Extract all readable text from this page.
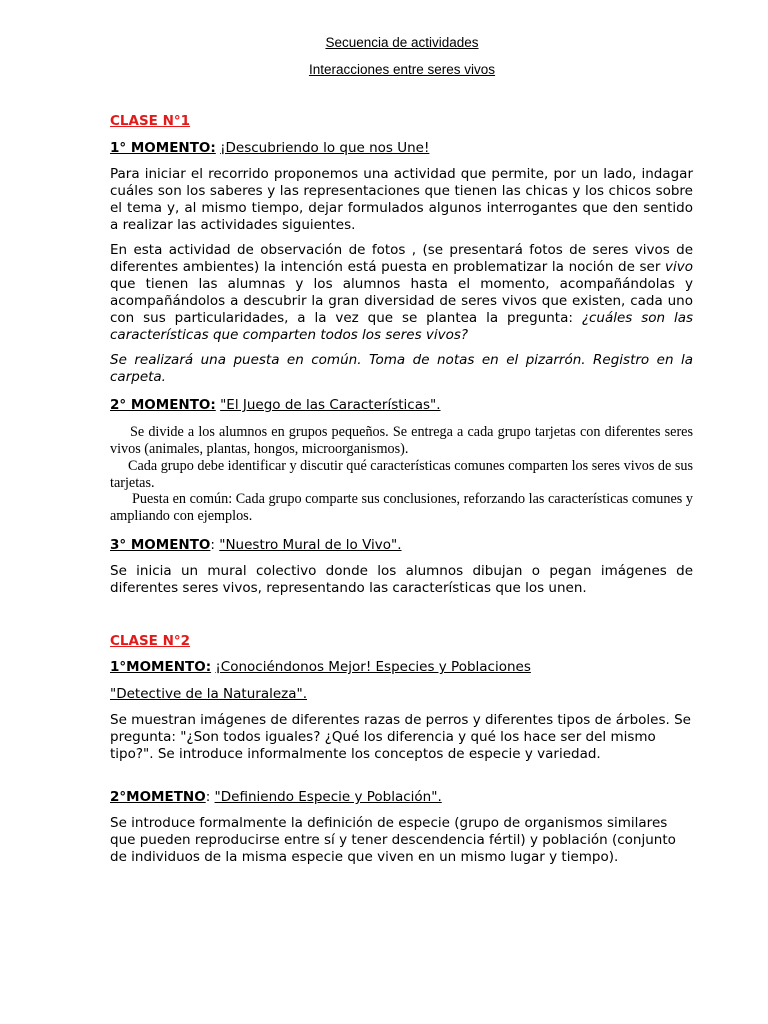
Secuencia de actividades
Interacciones entre seres vivos
CLASE N°1
1° MOMENTO: ¡Descubriendo lo que nos Une!
Para iniciar el recorrido proponemos una actividad que permite, por un lado, indagar cuáles son los saberes y las representaciones que tienen las chicas y los chicos sobre el tema y, al mismo tiempo, dejar formulados algunos interrogantes que den sentido a realizar las actividades siguientes.
En esta actividad de observación de fotos , (se presentará fotos de seres vivos de diferentes ambientes) la intención está puesta en problematizar la noción de ser vivo que tienen las alumnas y los alumnos hasta el momento, acompañándolas y acompañándolos a descubrir la gran diversidad de seres vivos que existen, cada uno con sus particularidades, a la vez que se plantea la pregunta: ¿cuáles son las características que comparten todos los seres vivos?
Se realizará una puesta en común. Toma de notas en el pizarrón. Registro en la carpeta.
2° MOMENTO: "El Juego de las Características".
Se divide a los alumnos en grupos pequeños. Se entrega a cada grupo tarjetas con diferentes seres vivos (animales, plantas, hongos, microorganismos).
Cada grupo debe identificar y discutir qué características comunes comparten los seres vivos de sus tarjetas.
Puesta en común: Cada grupo comparte sus conclusiones, reforzando las características comunes y ampliando con ejemplos.
3° MOMENTO: "Nuestro Mural de lo Vivo".
Se inicia un mural colectivo donde los alumnos dibujan o pegan imágenes de diferentes seres vivos, representando las características que los unen.
CLASE N°2
1°MOMENTO: ¡Conociéndonos Mejor! Especies y Poblaciones
"Detective de la Naturaleza".
Se muestran imágenes de diferentes razas de perros y diferentes tipos de árboles. Se pregunta: "¿Son todos iguales? ¿Qué los diferencia y qué los hace ser del mismo tipo?". Se introduce informalmente los conceptos de especie y variedad.
2°MOMETNO: "Definiendo Especie y Población".
Se introduce formalmente la definición de especie (grupo de organismos similares que pueden reproducirse entre sí y tener descendencia fértil) y población (conjunto de individuos de la misma especie que viven en un mismo lugar y tiempo).
